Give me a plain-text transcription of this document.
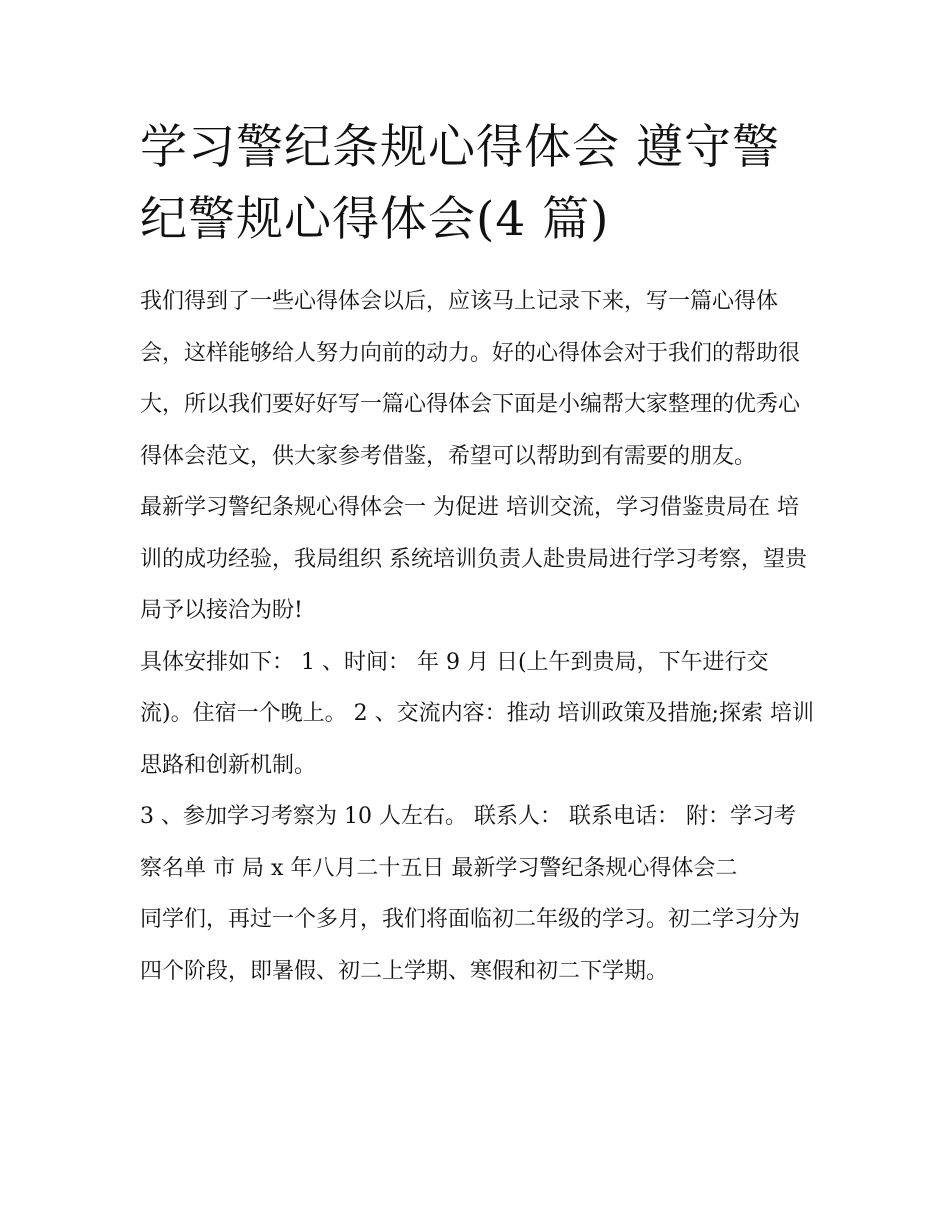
学习警纪条规心得体会 遵守警纪警规心得体会(4 篇)

我们得到了一些心得体会以后，应该马上记录下来，写一篇心得体会，这样能够给人努力向前的动力。好的心得体会对于我们的帮助很大，所以我们要好好写一篇心得体会下面是小编帮大家整理的优秀心得体会范文，供大家参考借鉴，希望可以帮助到有需要的朋友。

最新学习警纪条规心得体会一 为促进 培训交流，学习借鉴贵局在 培训的成功经验，我局组织 系统培训负责人赴贵局进行学习考察，望贵局予以接洽为盼!

具体安排如下： 1 、时间： 年 9 月 日(上午到贵局，下午进行交流)。住宿一个晚上。 2 、交流内容：推动 培训政策及措施;探索 培训思路和创新机制。

3 、参加学习考察为 10 人左右。 联系人： 联系电话： 附：学习考察名单 市 局 x 年八月二十五日 最新学习警纪条规心得体会二

同学们，再过一个多月，我们将面临初二年级的学习。初二学习分为四个阶段，即暑假、初二上学期、寒假和初二下学期。
